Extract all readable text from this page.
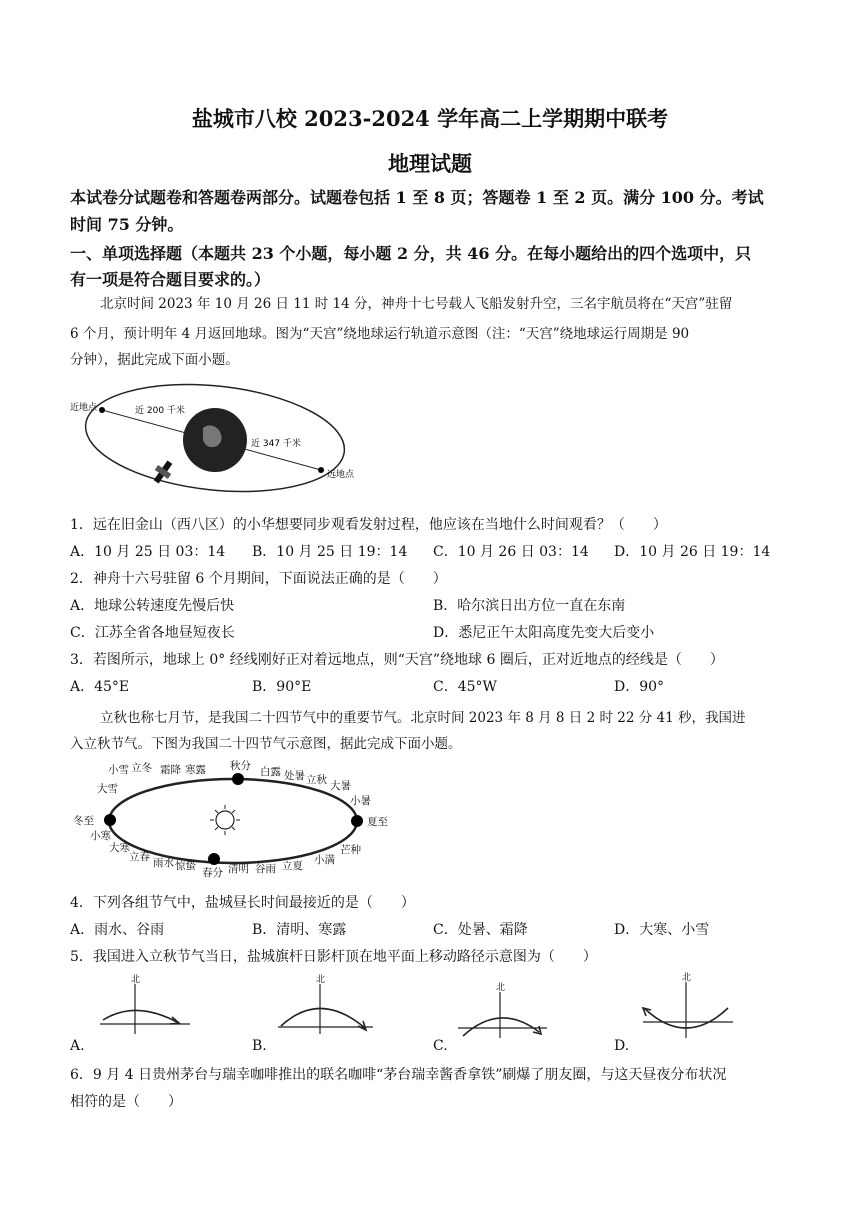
盐城市八校 2023-2024 学年高二上学期期中联考
地理试题
本试卷分试题卷和答题卷两部分。试题卷包括 1 至 8 页；答题卷 1 至 2 页。满分 100 分。考试
时间 75 分钟。
一、单项选择题（本题共 23 个小题，每小题 2 分，共 46 分。在每小题给出的四个选项中，只
有一项是符合题目要求的。）
北京时间 2023 年 10 月 26 日 11 时 14 分，神舟十七号载人飞船发射升空，三名宇航员将在“天宫”驻留
6 个月，预计明年 4 月返回地球。图为“天宫”绕地球运行轨道示意图（注：“天宫”绕地球运行周期是 90
分钟），据此完成下面小题。
近地点	近 200 千米
近 347 千米
远地点
1．远在旧金山（西八区）的小华想要同步观看发射过程，他应该在当地什么时间观看？（　　）
A．10 月 25 日 03：14 B．10 月 25 日 19：14 C．10 月 26 日 03：14 D．10 月 26 日 19：14
2．神舟十六号驻留 6 个月期间，下面说法正确的是（　　）
A．地球公转速度先慢后快	B．哈尔滨日出方位一直在东南
C．江苏全省各地昼短夜长	D．悉尼正午太阳高度先变大后变小
3．若图所示，地球上 0° 经线刚好正对着远地点，则“天宫”绕地球 6 圈后，正对近地点的经线是（　　）
A．45°E	B．90°E	C．45°W	D．90°
立秋也称七月节，是我国二十四节气中的重要节气。北京时间 2023 年 8 月 8 日 2 时 22 分 41 秒，我国进
入立秋节气。下图为我国二十四节气示意图，据此完成下面小题。
冬至
小雪 立冬 霜降 寒露 秋分 白露 处暑 立秋 大暑
小暑
夏至
芒种
小满
立夏
谷雨
清明
春分
惊蛰
雨水
立春
大寒
小寒
大雪
4．下列各组节气中，盐城昼长时间最接近的是（　　）
A．雨水、谷雨	B．清明、寒露	C．处暑、霜降	D．大寒、小雪
5．我国进入立秋节气当日，盐城旗杆日影杆顶在地平面上移动路径示意图为（　　）
北
A.
北
B.
北
C.
北
D.
6．9 月 4 日贵州茅台与瑞幸咖啡推出的联名咖啡“茅台瑞幸酱香拿铁”刷爆了朋友圈，与这天昼夜分布状况
相符的是（　　）
